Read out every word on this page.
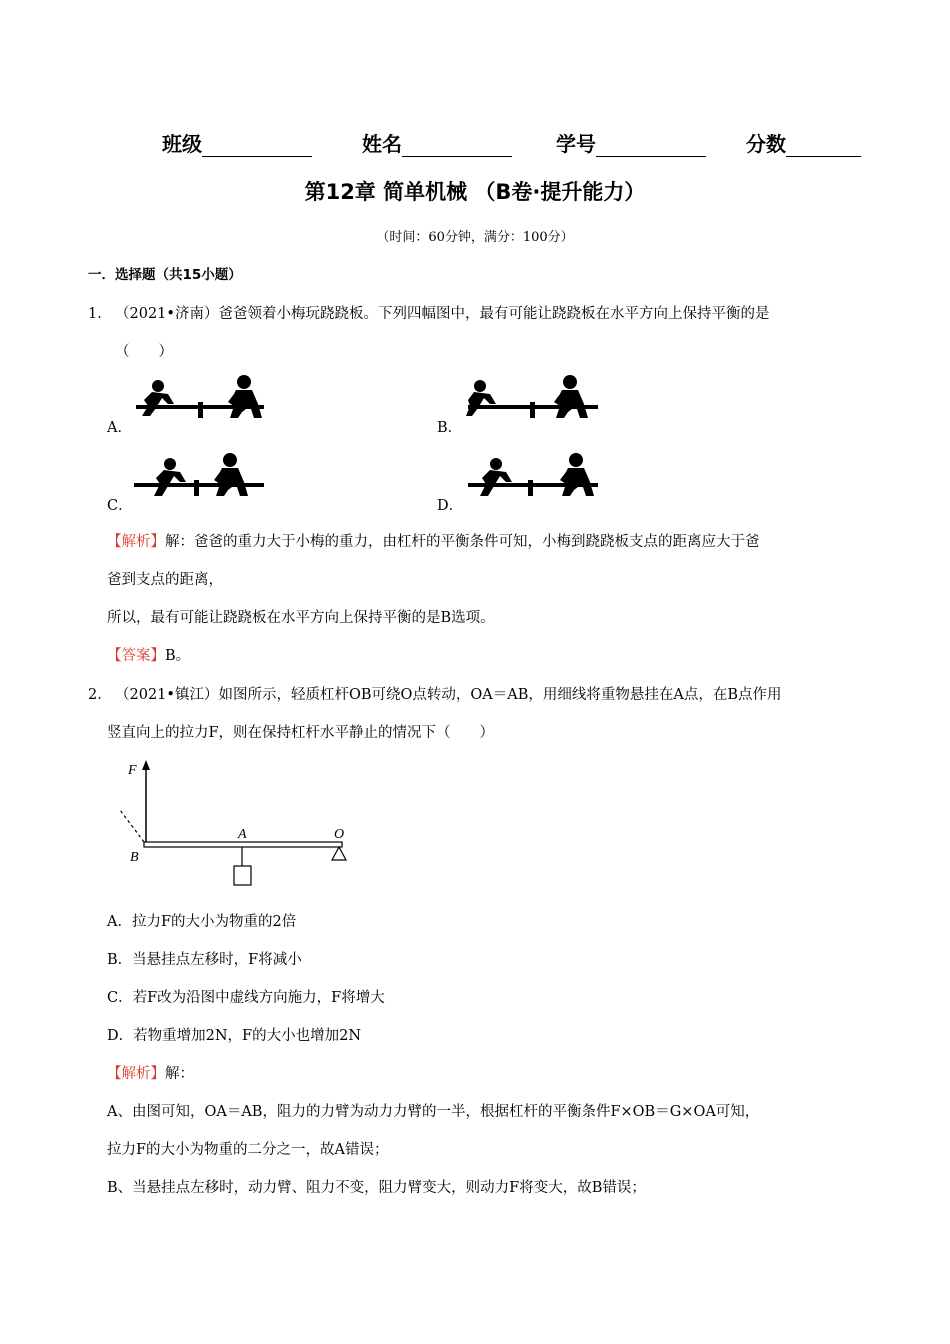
班级	姓名	学号	分数
第12章 简单机械 （B卷·提升能力）
（时间：60分钟，满分：100分）
一．选择题（共15小题）
1． （2021•济南）爸爸领着小梅玩跷跷板。下列四幅图中，最有可能让跷跷板在水平方向上保持平衡的是
（　　）
A．	B．
C．	D．
【解析】解：爸爸的重力大于小梅的重力，由杠杆的平衡条件可知，小梅到跷跷板支点的距离应大于爸
爸到支点的距离，
所以，最有可能让跷跷板在水平方向上保持平衡的是B选项。
【答案】B。
2． （2021•镇江）如图所示，轻质杠杆OB可绕O点转动，OA＝AB，用细线将重物悬挂在A点，在B点作用
竖直向上的拉力F，则在保持杠杆水平静止的情况下（　　）
F
A	O
B
A．拉力F的大小为物重的2倍
B．当悬挂点左移时，F将减小
C．若F改为沿图中虚线方向施力，F将增大
D．若物重增加2N，F的大小也增加2N
【解析】解：
A、由图可知，OA＝AB，阻力的力臂为动力力臂的一半，根据杠杆的平衡条件F×OB＝G×OA可知，
拉力F的大小为物重的二分之一，故A错误；
B、当悬挂点左移时，动力臂、阻力不变，阻力臂变大，则动力F将变大，故B错误；
